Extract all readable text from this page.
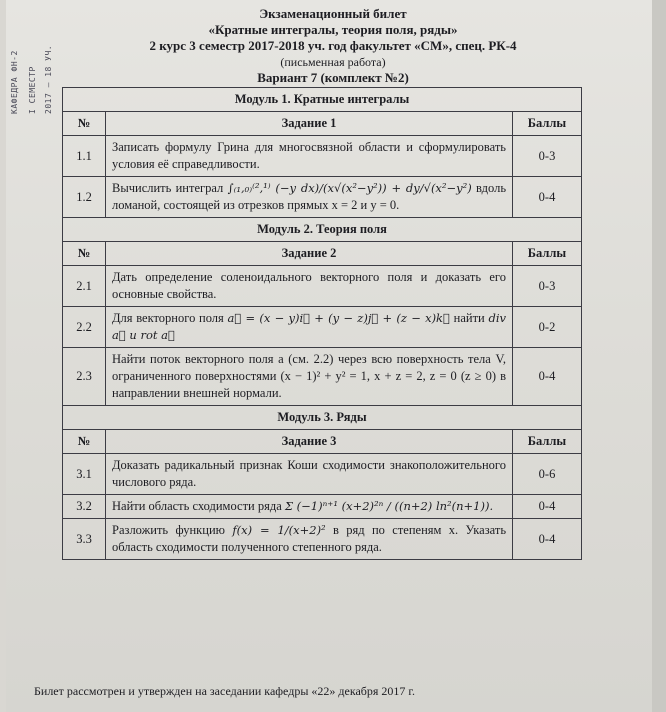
КАФЕДРА ФН-2 I СЕМЕСТР 2017 — 18 УЧ.
Экзаменационный билет
«Кратные интегралы, теория поля, ряды»
2 курс 3 семестр 2017-2018 уч. год факультет «СМ», спец. РК-4
(письменная работа)
Вариант 7 (комплект №2)
Модуль 1. Кратные интегралы		
№	Задание 1	Баллы
1.1	Записать формулу Грина для многосвязной области и сформулировать условия её справедливости.	0-3
1.2	Вычислить интеграл ∫₍₁,₀₎⁽²,¹⁾ (−y dx)/(x√(x²−y²)) + dy/√(x²−y²) вдоль ломаной, состоящей из отрезков прямых x = 2 и y = 0.	0-4
Модуль 2. Теория поля		
№	Задание 2	Баллы
2.1	Дать определение соленоидального векторного поля и доказать его основные свойства.	0-3
2.2	Для векторного поля a⃗ = (x − y)i⃗ + (y − z)j⃗ + (z − x)k⃗ найти div a⃗ и rot a⃗	0-2
2.3	Найти поток векторного поля a (см. 2.2) через всю поверхность тела V, ограниченного поверхностями (x − 1)² + y² = 1, x + z = 2, z = 0 (z ≥ 0) в направлении внешней нормали.	0-4
Модуль 3. Ряды		
№	Задание 3	Баллы
3.1	Доказать радикальный признак Коши сходимости знакоположительного числового ряда.	0-6
3.2	Найти область сходимости ряда Σ (−1)ⁿ⁺¹ (x+2)²ⁿ / ((n+2) ln²(n+1)).	0-4
3.3	Разложить функцию f(x) = 1/(x+2)² в ряд по степеням x. Указать область сходимости полученного степенного ряда.	0-4
Билет рассмотрен и утвержден на заседании кафедры «22» декабря 2017 г.
